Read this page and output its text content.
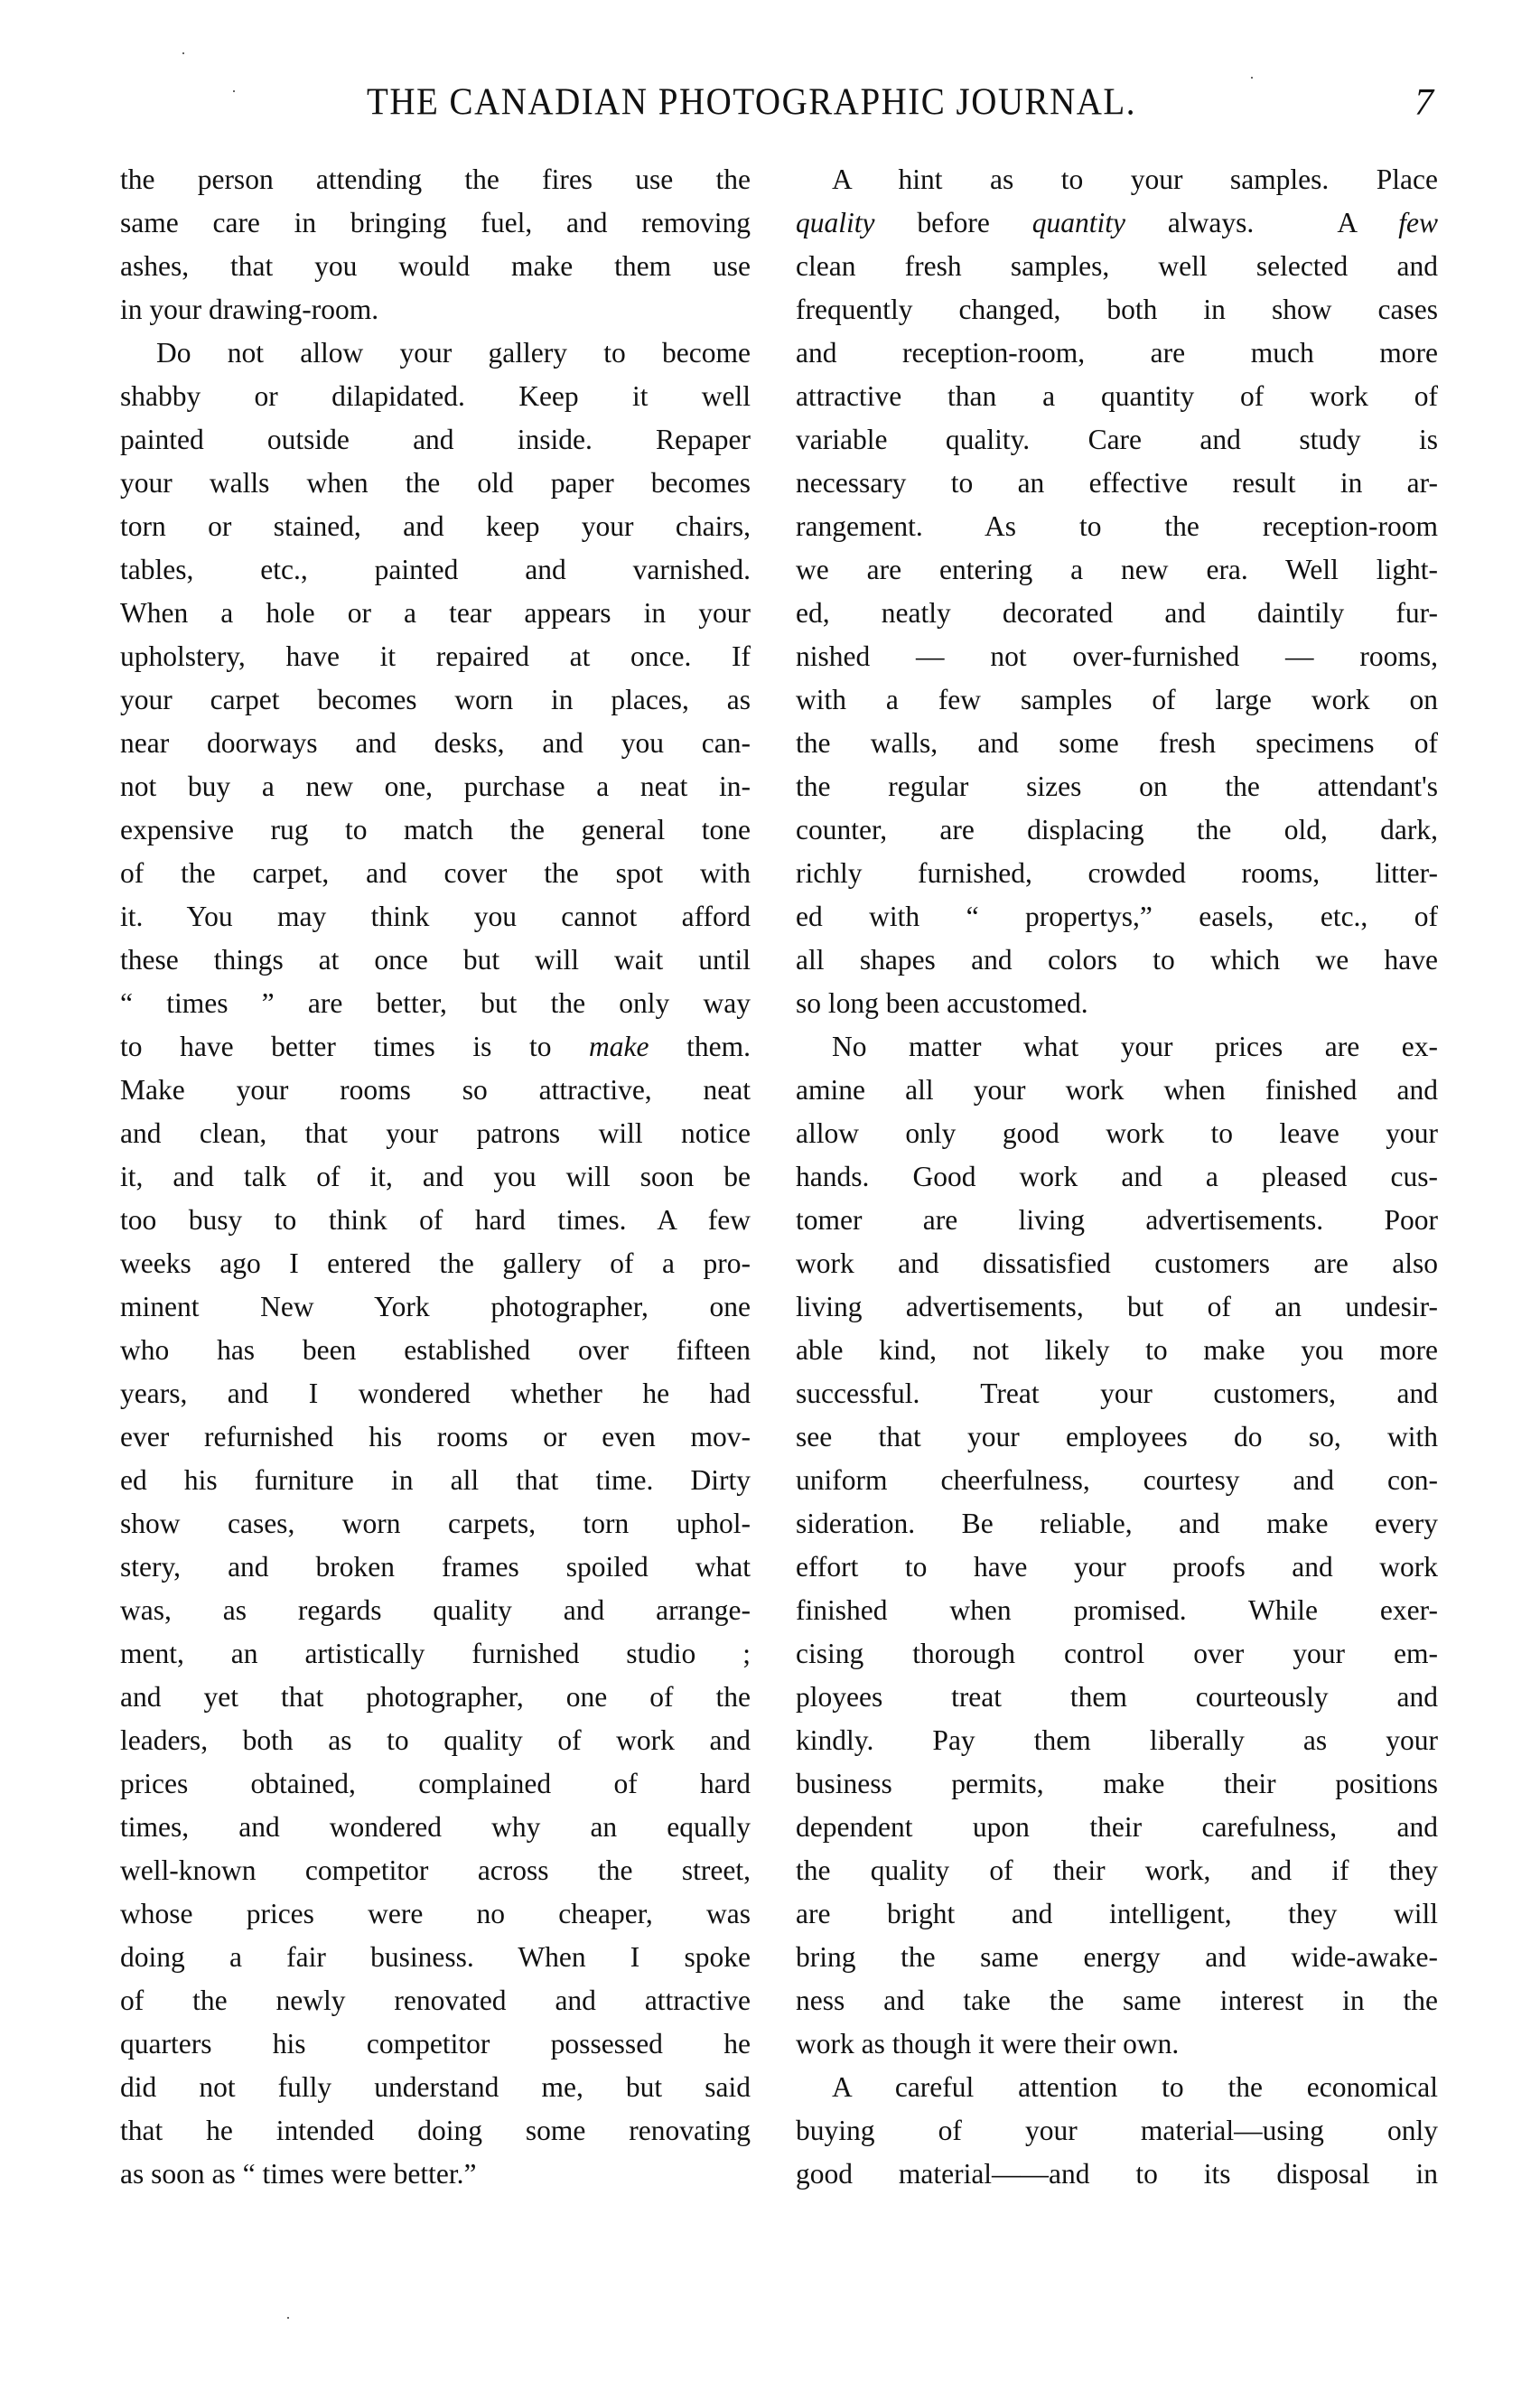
THE CANADIAN PHOTOGRAPHIC JOURNAL.	7
the person attending the fires use the
same care in bringing fuel, and removing
ashes, that you would make them use
in your drawing-room.
Do not allow your gallery to become
shabby or dilapidated. Keep it well
painted outside and inside. Repaper
your walls when the old paper becomes
torn or stained, and keep your chairs,
tables, etc., painted and varnished.
When a hole or a tear appears in your
upholstery, have it repaired at once. If
your carpet becomes worn in places, as
near doorways and desks, and you can-
not buy a new one, purchase a neat in-
expensive rug to match the general tone
of the carpet, and cover the spot with
it. You may think you cannot afford
these things at once but will wait until
“ times ” are better, but the only way
to have better times is to make them.
Make your rooms so attractive, neat
and clean, that your patrons will notice
it, and talk of it, and you will soon be
too busy to think of hard times. A few
weeks ago I entered the gallery of a pro-
minent New York photographer, one
who has been established over fifteen
years, and I wondered whether he had
ever refurnished his rooms or even mov-
ed his furniture in all that time. Dirty
show cases, worn carpets, torn uphol-
stery, and broken frames spoiled what
was, as regards quality and arrange-
ment, an artistically furnished studio ;
and yet that photographer, one of the
leaders, both as to quality of work and
prices obtained, complained of hard
times, and wondered why an equally
well-known competitor across the street,
whose prices were no cheaper, was
doing a fair business. When I spoke
of the newly renovated and attractive
quarters his competitor possessed he
did not fully understand me, but said
that he intended doing some renovating
as soon as “ times were better.”
A hint as to your samples. Place
quality before quantity always.  A few
clean fresh samples, well selected and
frequently changed, both in show cases
and reception-room, are much more
attractive than a quantity of work of
variable quality. Care and study is
necessary to an effective result in ar-
rangement. As to the reception-room
we are entering a new era. Well light-
ed, neatly decorated and daintily fur-
nished — not over-furnished — rooms,
with a few samples of large work on
the walls, and some fresh specimens of
the regular sizes on the attendant's
counter, are displacing the old, dark,
richly furnished, crowded rooms, litter-
ed with “ propertys,” easels, etc., of
all shapes and colors to which we have
so long been accustomed.
No matter what your prices are ex-
amine all your work when finished and
allow only good work to leave your
hands. Good work and a pleased cus-
tomer are living advertisements. Poor
work and dissatisfied customers are also
living advertisements, but of an undesir-
able kind, not likely to make you more
successful. Treat your customers, and
see that your employees do so, with
uniform cheerfulness, courtesy and con-
sideration. Be reliable, and make every
effort to have your proofs and work
finished when promised. While exer-
cising thorough control over your em-
ployees treat them courteously and
kindly. Pay them liberally as your
business permits, make their positions
dependent upon their carefulness, and
the quality of their work, and if they
are bright and intelligent, they will
bring the same energy and wide-awake-
ness and take the same interest in the
work as though it were their own.
A careful attention to the economical
buying of your material—using only
good material——and to its disposal in
